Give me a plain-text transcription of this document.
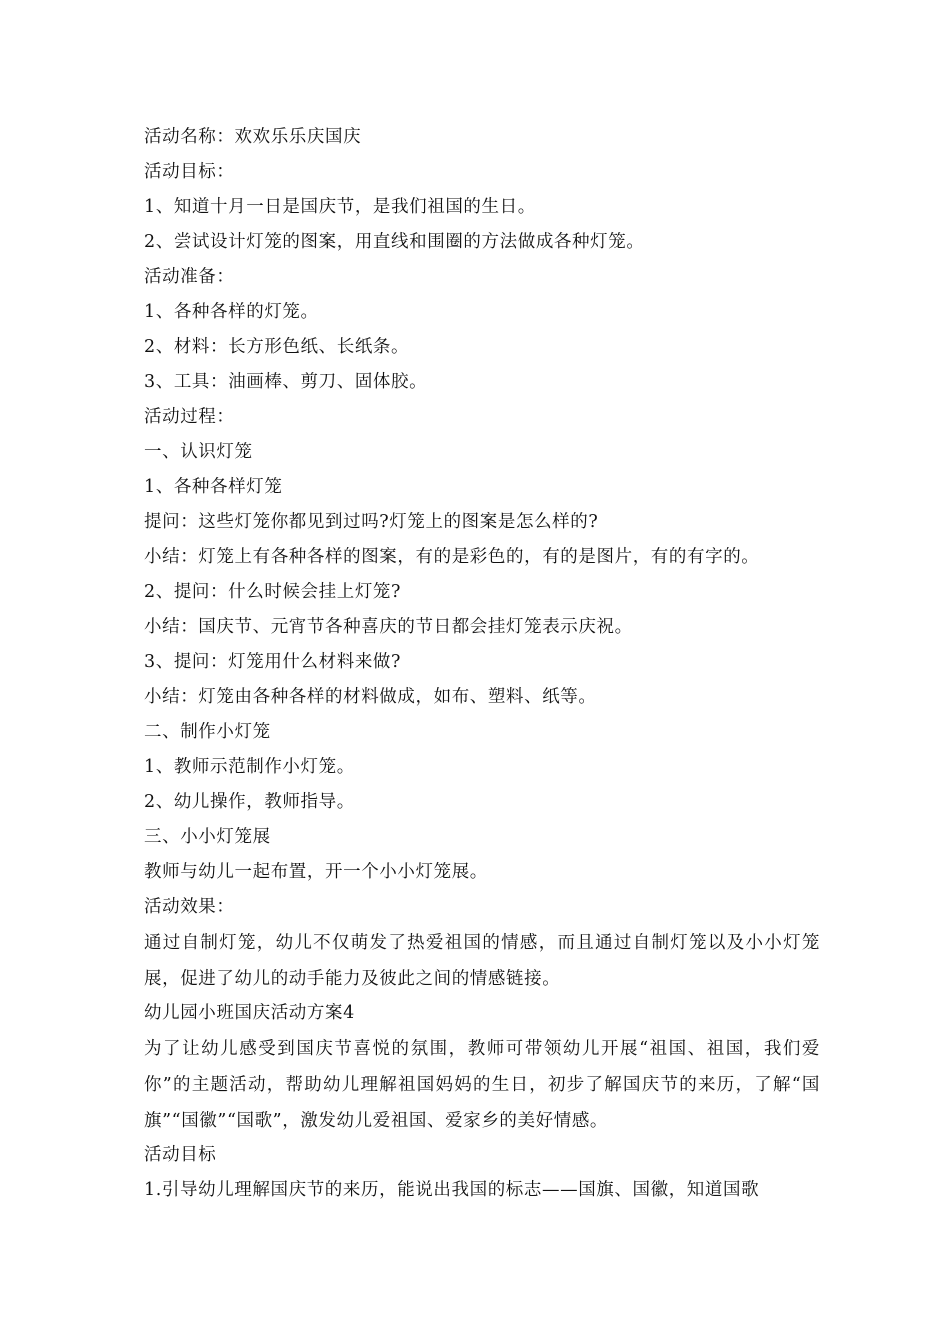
活动名称：欢欢乐乐庆国庆
活动目标：
1、知道十月一日是国庆节，是我们祖国的生日。
2、尝试设计灯笼的图案，用直线和围圈的方法做成各种灯笼。
活动准备：
1、各种各样的灯笼。
2、材料：长方形色纸、长纸条。
3、工具：油画棒、剪刀、固体胶。
活动过程：
一、认识灯笼
1、各种各样灯笼
提问：这些灯笼你都见到过吗?灯笼上的图案是怎么样的?
小结：灯笼上有各种各样的图案，有的是彩色的，有的是图片，有的有字的。
2、提问：什么时候会挂上灯笼?
小结：国庆节、元宵节各种喜庆的节日都会挂灯笼表示庆祝。
3、提问：灯笼用什么材料来做?
小结：灯笼由各种各样的材料做成，如布、塑料、纸等。
二、制作小灯笼
1、教师示范制作小灯笼。
2、幼儿操作，教师指导。
三、小小灯笼展
教师与幼儿一起布置，开一个小小灯笼展。
活动效果：
通过自制灯笼，幼儿不仅萌发了热爱祖国的情感，而且通过自制灯笼以及小小灯笼展，促进了幼儿的动手能力及彼此之间的情感链接。
幼儿园小班国庆活动方案4
为了让幼儿感受到国庆节喜悦的氛围，教师可带领幼儿开展“祖国、祖国，我们爱你”的主题活动，帮助幼儿理解祖国妈妈的生日，初步了解国庆节的来历，了解“国旗”“国徽”“国歌”，激发幼儿爱祖国、爱家乡的美好情感。
活动目标
1.引导幼儿理解国庆节的来历，能说出我国的标志——国旗、国徽，知道国歌
